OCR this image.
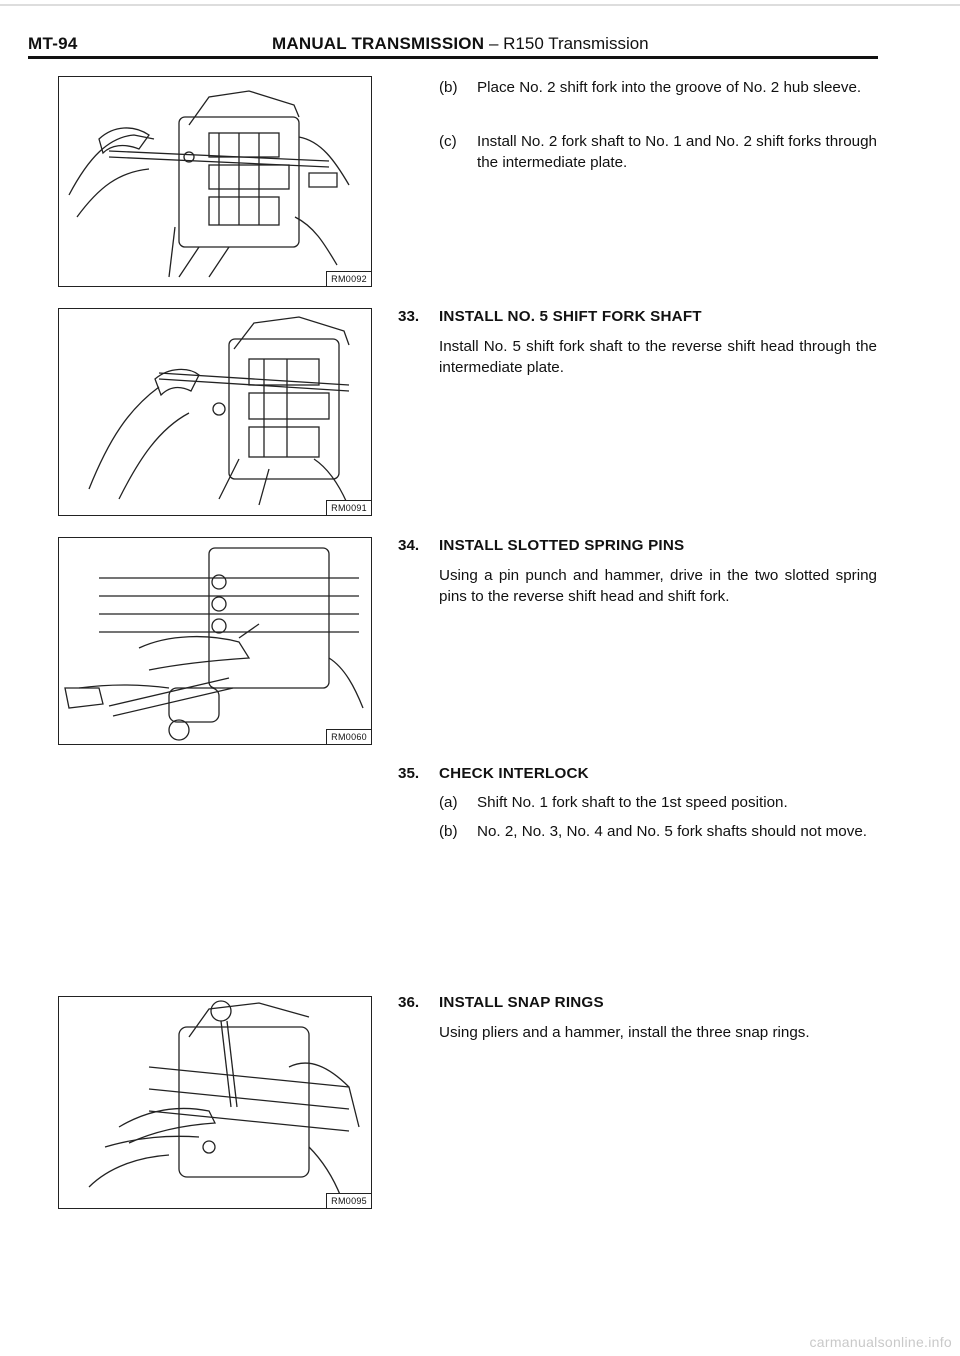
MT-94	MANUAL TRANSMISSION – R150 Transmission
RM0092
RM0091
RM0060
RM0095
(b) Place No. 2 shift fork into the groove of No. 2 hub sleeve.
(c) Install No. 2 fork shaft to No. 1 and No. 2 shift forks through the intermediate plate.
33. INSTALL NO. 5 SHIFT FORK SHAFT
Install No. 5 shift fork shaft to the reverse shift head through the intermediate plate.
34. INSTALL SLOTTED SPRING PINS
Using a pin punch and hammer, drive in the two slotted spring pins to the reverse shift head and shift fork.
35. CHECK INTERLOCK
(a) Shift No. 1 fork shaft to the 1st speed position.
(b) No. 2, No. 3, No. 4 and No. 5 fork shafts should not move.
36. INSTALL SNAP RINGS
Using pliers and a hammer, install the three snap rings.
carmanualsonline.info
